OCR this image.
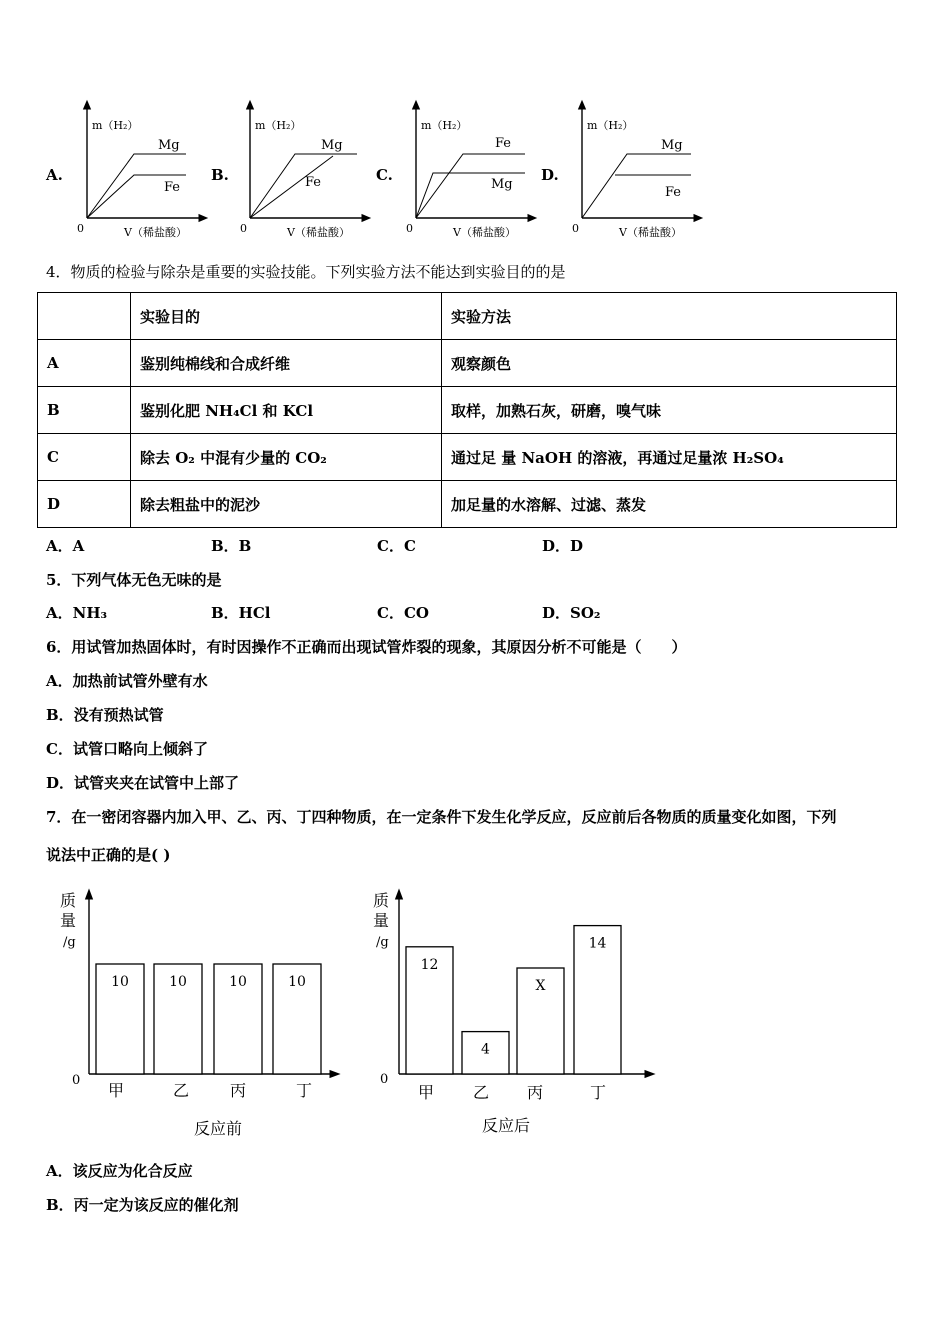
A.
m（H₂）
0	V（稀盐酸）
Mg
Fe
B.
m（H₂）
0	V（稀盐酸）
Mg
Fe	C.
m（H₂）
0	V（稀盐酸）
Fe
Mg
D.
m（H₂）
0	V（稀盐酸）
Mg
Fe
4．物质的检验与除杂是重要的实验技能。下列实验方法不能达到实验目的的是
	实验目的	实验方法
A	鉴别纯棉线和合成纤维	观察颜色
B	鉴别化肥 NH₄Cl 和 KCl	取样，加熟石灰，研磨，嗅气味
C	除去 O₂ 中混有少量的 CO₂	通过足 量 NaOH 的溶液，再通过足量浓 H₂SO₄
D	除去粗盐中的泥沙	加足量的水溶解、过滤、蒸发
A．A	B．B	C．C	D．D
5．下列气体无色无味的是
A．NH₃	B．HCl	C．CO	D．SO₂
6．用试管加热固体时，有时因操作不正确而出现试管炸裂的现象，其原因分析不可能是（　　）
A．加热前试管外壁有水
B．没有预热试管
C．试管口略向上倾斜了
D．试管夹夹在试管中上部了
7．在一密闭容器内加入甲、乙、丙、丁四种物质，在一定条件下发生化学反应，反应前后各物质的质量变化如图，下列
说法中正确的是( )
质
量
/g
0
反应前
10
甲
10
乙
10
丙
10
丁
质
量
/g
0
反应后
12
甲
4
乙
X
丙
14
丁
A．该反应为化合反应
B．丙一定为该反应的催化剂
